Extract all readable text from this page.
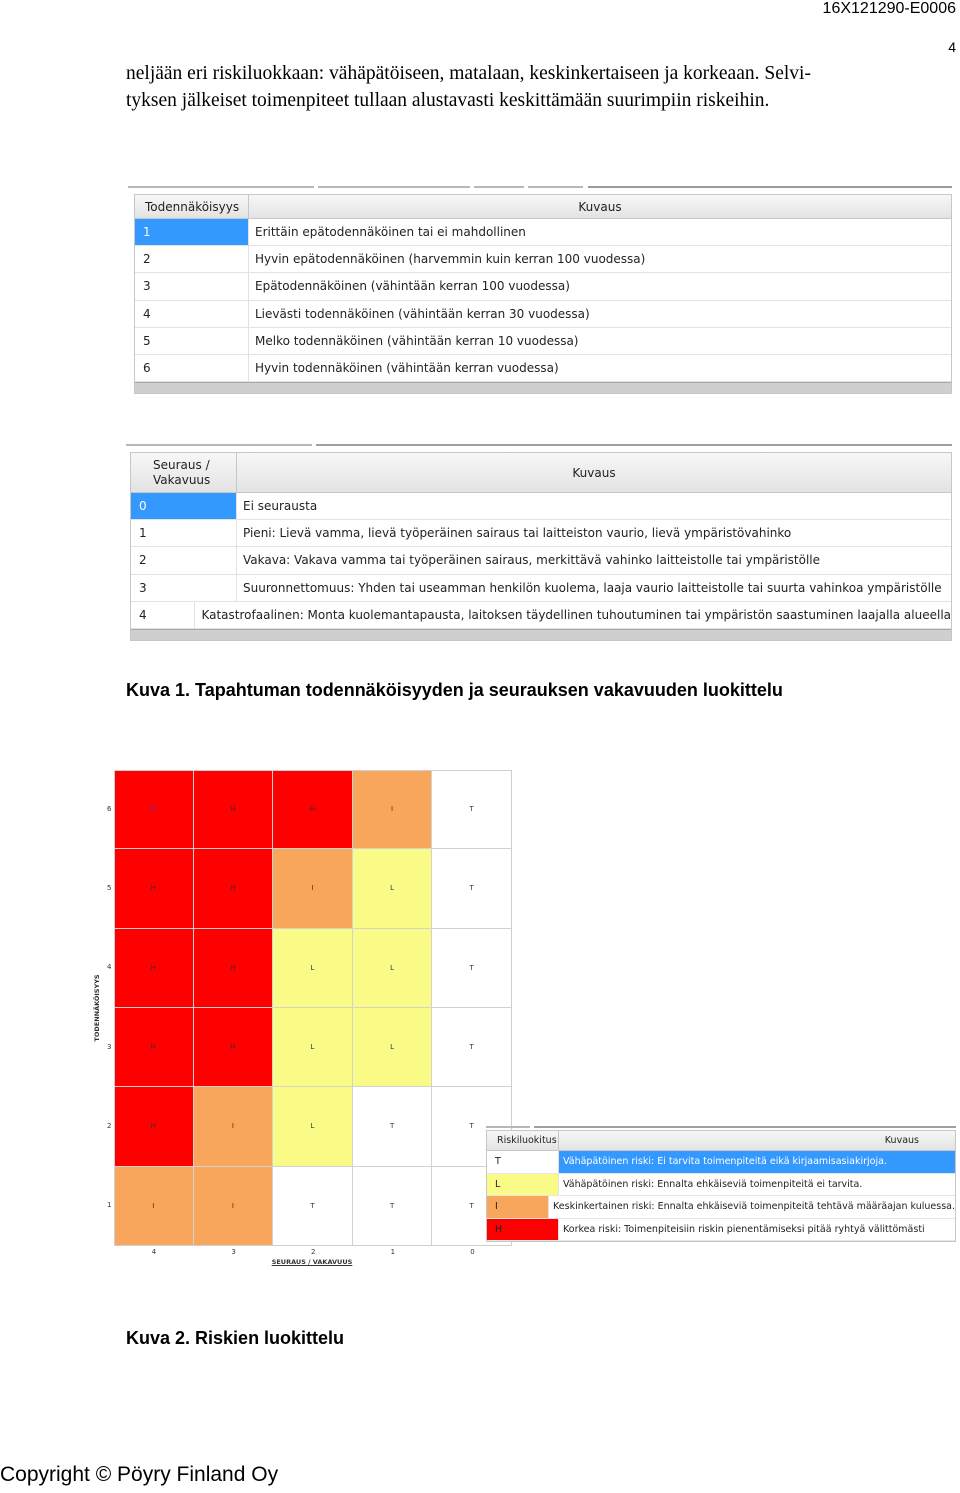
16X121290-E0006
4
neljään eri riskiluokkaan: vähäpätöiseen, matalaan, keskinkertaiseen ja korkeaan. Selvi-
tyksen jälkeiset toimenpiteet tullaan alustavasti keskittämään suurimpiin riskeihin.
Todennäköisyys	Kuvaus
1	Erittäin epätodennäköinen tai ei mahdollinen
2	Hyvin epätodennäköinen (harvemmin kuin kerran 100 vuodessa)
3	Epätodennäköinen (vähintään kerran 100 vuodessa)
4	Lievästi todennäköinen (vähintään kerran 30 vuodessa)
5	Melko todennäköinen (vähintään kerran 10 vuodessa)
6	Hyvin todennäköinen (vähintään kerran vuodessa)
Seuraus /
Vakavuus	Kuvaus
0	Ei seurausta
1	Pieni: Lievä vamma, lievä työperäinen sairaus tai laitteiston vaurio, lievä ympäristövahinko
2	Vakava: Vakava vamma tai työperäinen sairaus, merkittävä vahinko laitteistolle tai ympäristölle
3	Suuronnettomuus: Yhden tai useamman henkilön kuolema, laaja vaurio laitteistolle tai suurta vahinkoa ympäristölle
4	Katastrofaalinen: Monta kuolemantapausta, laitoksen täydellinen tuhoutuminen tai ympäristön saastuminen laajalla alueella
Kuva 1. Tapahtuman todennäköisyyden ja seurauksen vakavuuden luokittelu
H	H	H	I	T
H	H	I	L	T
H	H	L	L	T
H	H	L	L	T
H	I	L	T	T
I	I	T	T	T
6
5
4
3
2
1
4	3	2	1	0
TODENNÄKÖISYYS
SEURAUS / VAKAVUUS
Riskiluokitus	Kuvaus
T	Vähäpätöinen riski: Ei tarvita toimenpiteitä eikä kirjaamisasiakirjoja.
L	Vähäpätöinen riski: Ennalta ehkäiseviä toimenpiteitä ei tarvita.
I	Keskinkertainen riski: Ennalta ehkäiseviä toimenpiteitä tehtävä määräajan kuluessa.
H	Korkea riski: Toimenpiteisiin riskin pienentämiseksi pitää ryhtyä välittömästi
Kuva 2. Riskien luokittelu
Copyright © Pöyry Finland Oy
